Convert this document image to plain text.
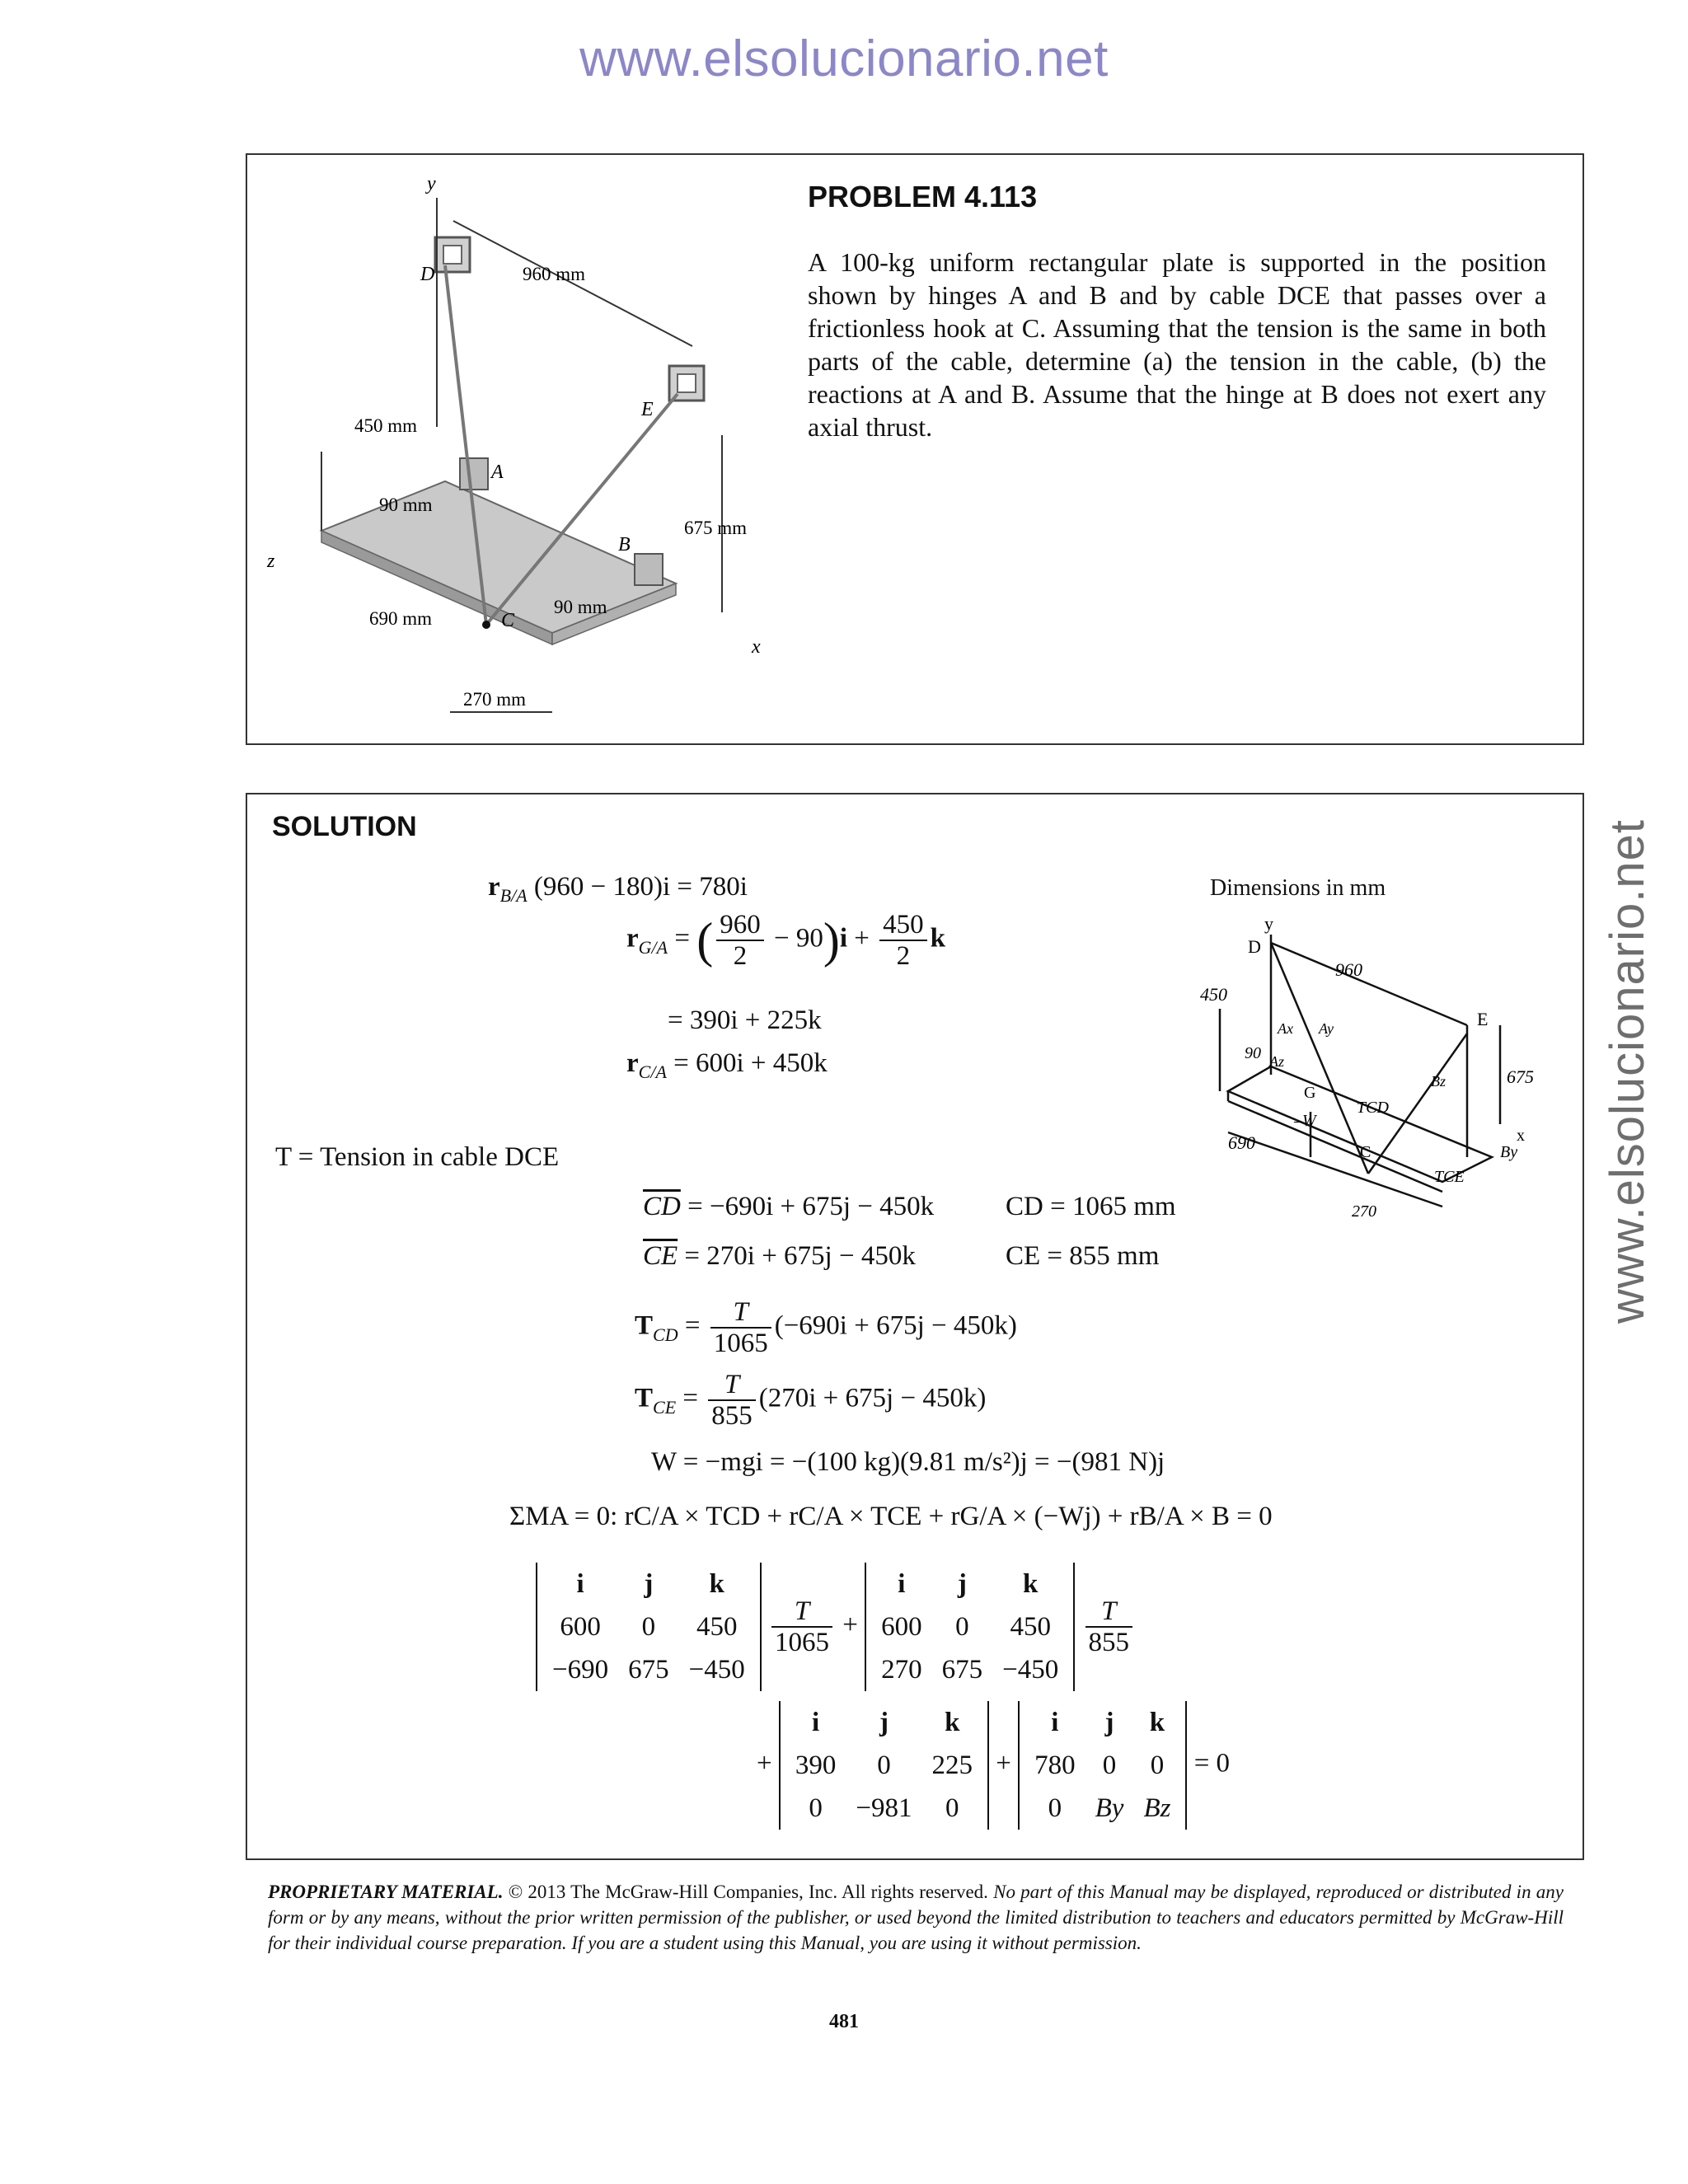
www.elsolucionario.net
www.elsolucionario.net
y
z
x
D
E
A
B
C
960 mm
450 mm
90 mm
675 mm
90 mm
690 mm
270 mm
PROBLEM 4.113
A 100-kg uniform rectangular plate is supported in the position shown by hinges A and B and by cable DCE that passes over a frictionless hook at C. Assuming that the tension is the same in both parts of the cable, determine (a) the tension in the cable, (b) the reactions at A and B. Assume that the hinge at B does not exert any axial thrust.
SOLUTION
$r_{B/A}$ (960 − 180)i = 780i
$r_{G/A}$ = ( $\frac{960}{2} - 90)i + \frac{450}{2}$ k
= 390i + 225k
$r_{C/A} = 600i + 450k$
T = Tension in cable DCE
$\overline{CD} = -690i + 675j - 450k$	CD = 1065 mm
$\overline{CE} = 270i + 675j - 450k$	CE = 855 mm
$T_{CD} = \frac{T}{1065} (-690i + 675j - 450k)$
$T_{CE} = \frac{T}{855} (270i + 675j - 450k)$
W = −mgi = −(100 kg)(9.81 m/s²)j = −(981 N)j
ΣMA = 0: rC/A × TCD + rC/A × TCE + rG/A × (−Wj) + rB/A × B = 0
i	j	k
600	0	450
−690	675	−450

$\frac{T}{1065}$ +
i	j	k
600	0	450
270	675	−450

$\frac{T}{855}$
+
i	j	k
390	0	225
0	−981	0
+
i	j	k
780	0	0
0	By	Bz
= 0
Dimensions in mm
y
D
960
E
450
675
Ax Ay
Az
90
G
–W
TCD
Bz
x
By
TCE
690	C
270
PROPRIETARY MATERIAL. © 2013 The McGraw-Hill Companies, Inc. All rights reserved. No part of this Manual may be displayed, reproduced or distributed in any form or by any means, without the prior written permission of the publisher, or used beyond the limited distribution to teachers and educators permitted by McGraw-Hill for their individual course preparation. If you are a student using this Manual, you are using it without permission.
481
